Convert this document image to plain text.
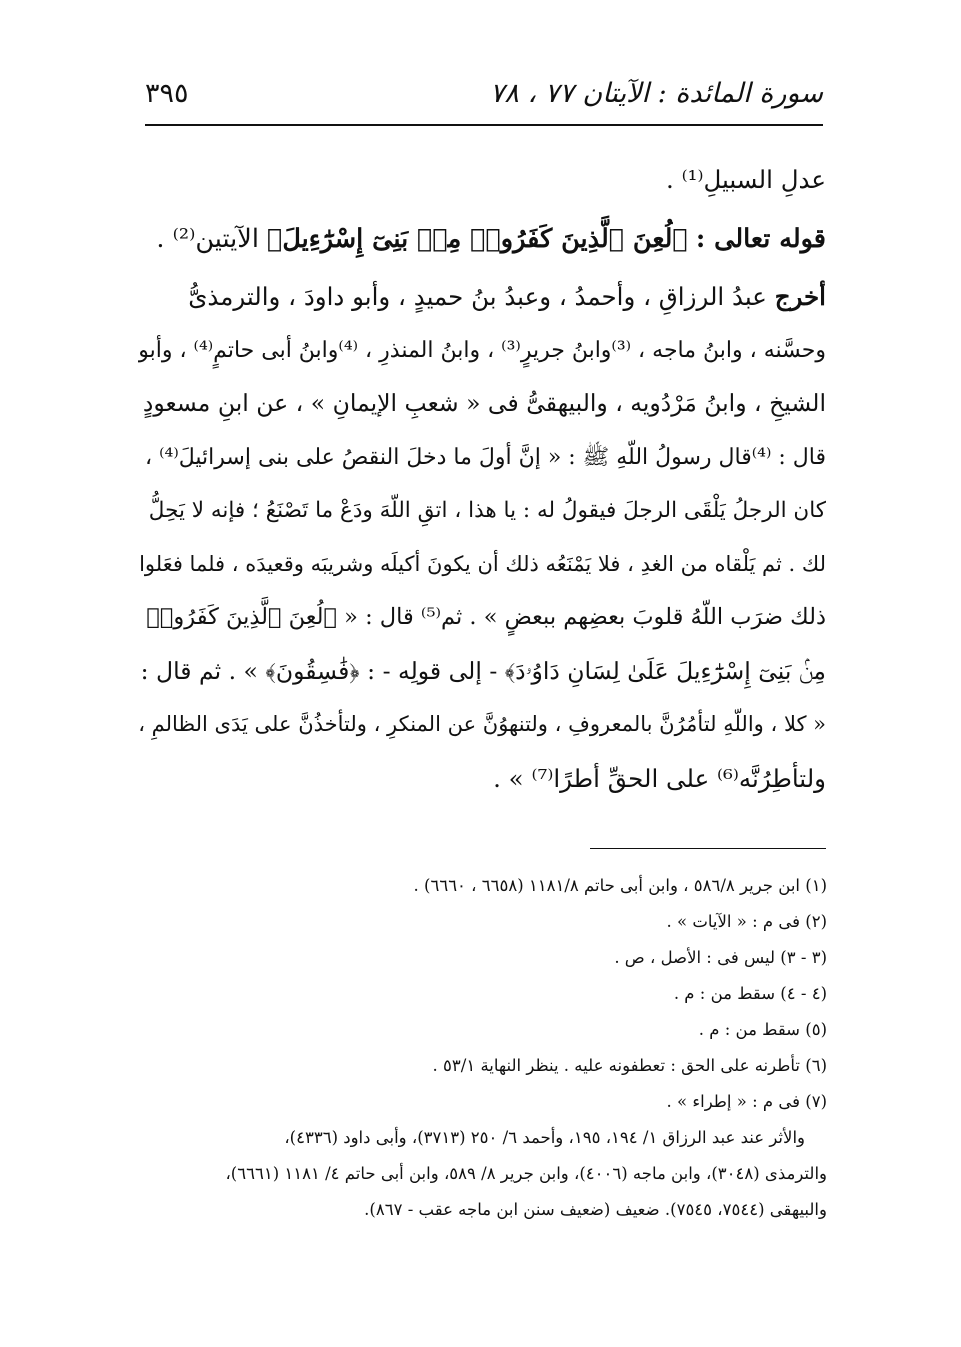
سورة المائدة : الآيتان ٧٧ ، ٧٨
٣٩٥
عدلِ السبيلِ⁽¹⁾ .
قوله تعالى : ﴿لُعِنَ ٱلَّذِينَ كَفَرُوا۟ مِنۢ بَنِىٓ إِسْرَٰٓءِيلَ﴾ الآيتين⁽²⁾ .
أخرج عبدُ الرزاقِ ، وأحمدُ ، وعبدُ بنُ حميدٍ ، وأبو داودَ ، والترمذىُّ
وحسَّنه ، وابنُ ماجه ، ⁽³⁾وابنُ جريرٍ⁽³⁾ ، وابنُ المنذرِ ، ⁽⁴⁾وابنُ أبى حاتمٍ⁽⁴⁾ ، وأبو
الشيخِ ، وابنُ مَرْدُويه ، والبيهقىُّ فى « شعبِ الإيمانِ » ، عن ابنِ مسعودٍ
قال : ⁽⁴⁾قال رسولُ اللّهِ ﷺ : « إنَّ أولَ ما دخلَ النقصُ على بنى إسرائيلَ⁽⁴⁾ ،
كان الرجلُ يَلْقَى الرجلَ فيقولُ له : يا هذا ، اتقِ اللّهَ ودَعْ ما تَصْنَعُ ؛ فإنه لا يَحِلُّ
لك . ثم يَلْقاه من الغدِ ، فلا يَمْنَعُه ذلك أن يكونَ أكيلَه وشريبَه وقعيدَه ، فلما فعَلوا
ذلك ضرَب اللّهُ قلوبَ بعضِهم ببعضٍ » . ثم⁽⁵⁾ قال : « ﴿لُعِنَ ٱلَّذِينَ كَفَرُوا۟
مِنۢ بَنِىٓ إِسْرَٰٓءِيلَ عَلَىٰ لِسَانِ دَاوُۥدَ﴾ - إلى قولِه - : ﴿فَٰسِقُونَ﴾ » . ثم قال :
« كلا ، واللّهِ لتأمُرُنَّ بالمعروفِ ، ولتنهوُنَّ عن المنكرِ ، ولتأخذُنَّ على يَدَى الظالمِ ،
ولتأطِرُنَّه⁽⁶⁾ على الحقِّ أطرًا⁽⁷⁾ » .
(١) ابن جرير ٥٨٦/٨ ، وابن أبى حاتم ١١٨١/٨ (٦٦٥٨ ، ٦٦٦٠) .
(٢) فى م : « الآيات » .
(٣ - ٣) ليس فى : الأصل ، ص .
(٤ - ٤) سقط من : م .
(٥) سقط من : م .
(٦) تأطرنه على الحق : تعطفونه عليه . ينظر النهاية ٥٣/١ .
(٧) فى م : « إطراء » .
والأثر عند عبد الرزاق ١/ ١٩٤، ١٩٥، وأحمد ٦/ ٢٥٠ (٣٧١٣)، وأبى داود (٤٣٣٦)،
والترمذى (٣٠٤٨)، وابن ماجه (٤٠٠٦)، وابن جرير ٨/ ٥٨٩، وابن أبى حاتم ٤/ ١١٨١ (٦٦٦١)،
والبيهقى (٧٥٤٤، ٧٥٤٥). ضعيف (ضعيف سنن ابن ماجه عقب - ٨٦٧).
